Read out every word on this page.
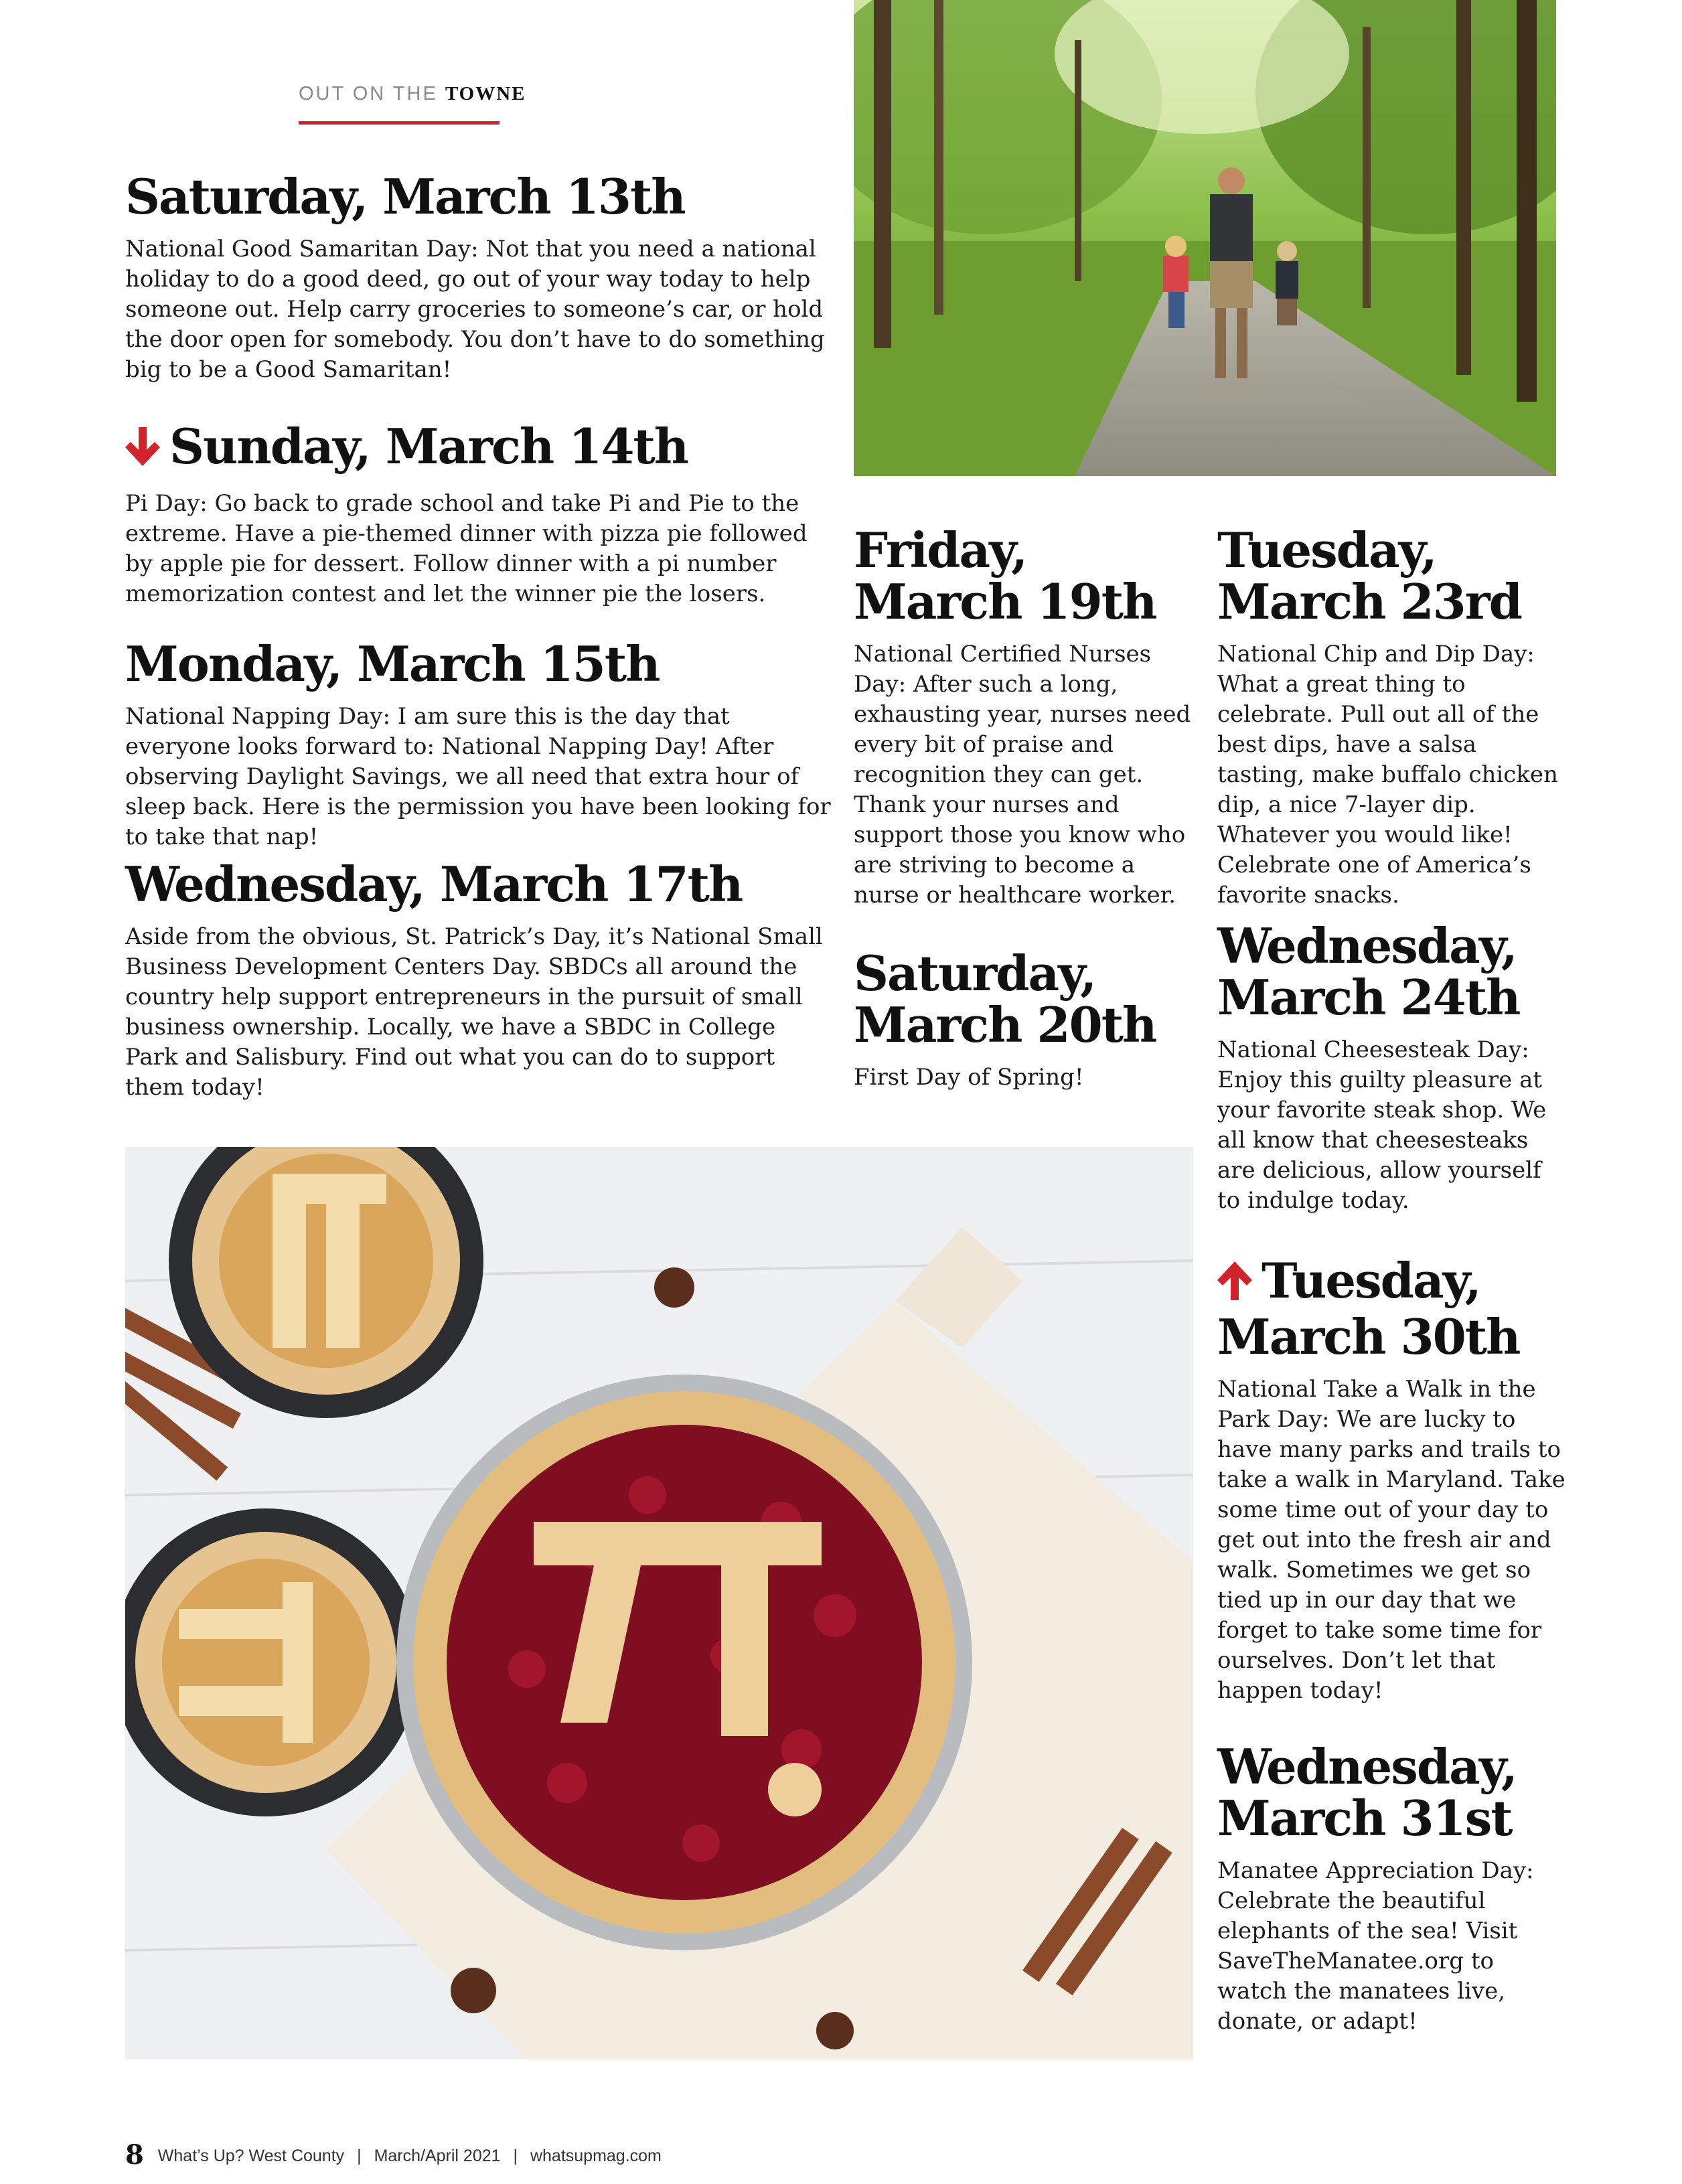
OUT ON THE TOWNE
Saturday, March 13th

National Good Samaritan Day: Not that you need a national holiday to do a good deed, go out of your way today to help someone out. Help carry groceries to someone’s car, or hold the door open for somebody. You don’t have to do something big to be a Good Samaritan!

Sunday, March 14th

Pi Day: Go back to grade school and take Pi and Pie to the extreme. Have a pie-themed dinner with pizza pie followed by apple pie for dessert. Follow dinner with a pi number memorization contest and let the winner pie the losers.

Monday, March 15th

National Napping Day: I am sure this is the day that everyone looks forward to: National Napping Day! After observing Daylight Savings, we all need that extra hour of sleep back. Here is the permission you have been looking for to take that nap!

Wednesday, March 17th

Aside from the obvious, St. Patrick’s Day, it’s National Small Business Development Centers Day. SBDCs all around the country help support entrepreneurs in the pursuit of small business ownership. Locally, we have a SBDC in College Park and Salisbury. Find out what you can do to support them today!

Friday, March 19th

National Certified Nurses Day: After such a long, exhausting year, nurses need every bit of praise and recognition they can get. Thank your nurses and support those you know who are striving to become a nurse or healthcare worker.

Saturday, March 20th

First Day of Spring!

Tuesday, March 23rd

National Chip and Dip Day: What a great thing to celebrate. Pull out all of the best dips, have a salsa tasting, make buffalo chicken dip, a nice 7-layer dip. Whatever you would like! Celebrate one of America’s favorite snacks.

Wednesday, March 24th

National Cheesesteak Day: Enjoy this guilty pleasure at your favorite steak shop. We all know that cheesesteaks are delicious, allow yourself to indulge today.

Tuesday, March 30th

National Take a Walk in the Park Day: We are lucky to have many parks and trails to take a walk in Maryland. Take some time out of your day to get out into the fresh air and walk. Sometimes we get so tied up in our day that we forget to take some time for ourselves. Don’t let that happen today!

Wednesday, March 31st

Manatee Appreciation Day: Celebrate the beautiful elephants of the sea! Visit SaveTheManatee.org to watch the manatees live, donate, or adapt!

8 What’s Up? West County | March/April 2021 | whatsupmag.com
